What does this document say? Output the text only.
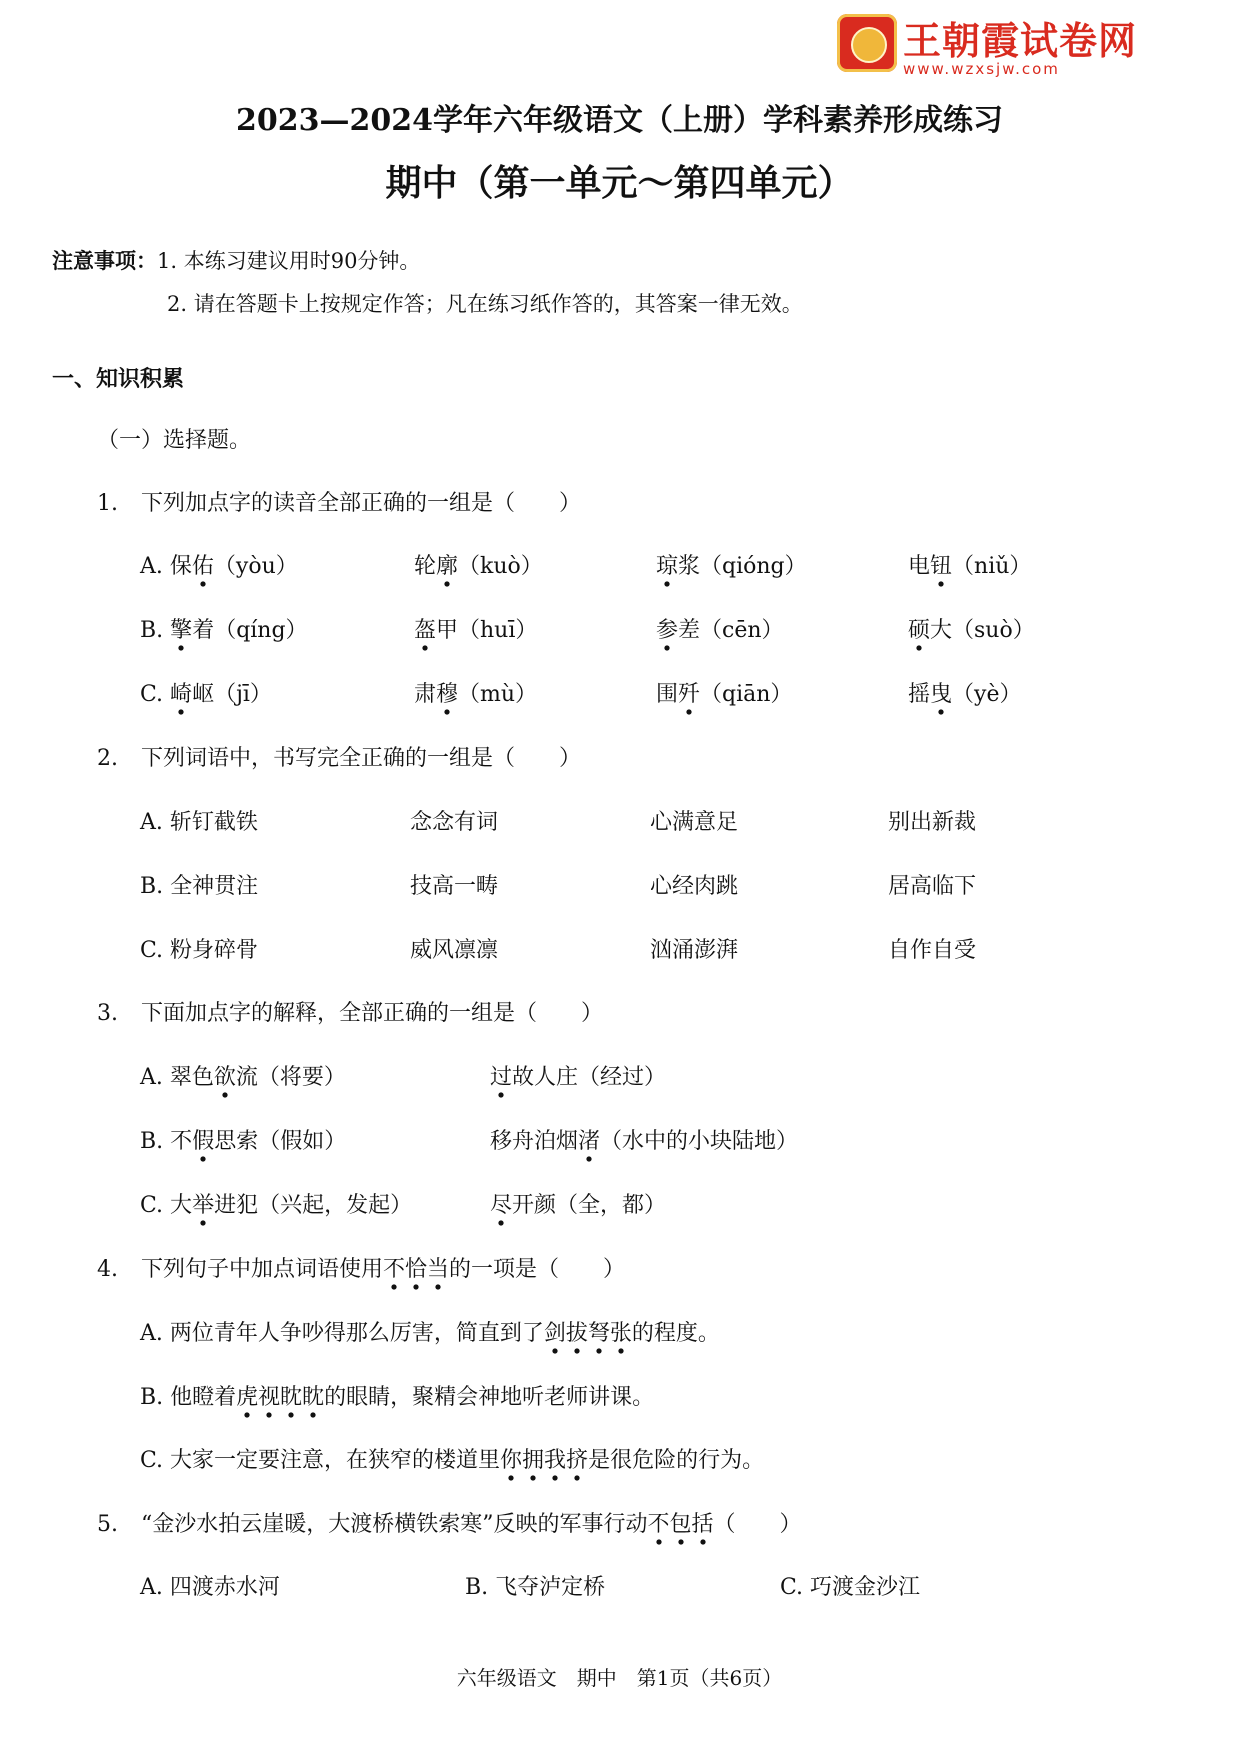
王朝霞试卷网
www.wzxsjw.com
2023—2024学年六年级语文（上册）学科素养形成练习
期中（第一单元～第四单元）
注意事项：1. 本练习建议用时90分钟。
2. 请在答题卡上按规定作答；凡在练习纸作答的，其答案一律无效。
一、知识积累
（一）选择题。
1. 下列加点字的读音全部正确的一组是（　　）
A. 保佑（yòu）	轮廓（kuò）	琼浆（qióng）	电钮（niǔ）
B. 擎着（qíng）	盔甲（huī）	参差（cēn）	硕大（suò）
C. 崎岖（jī）	肃穆（mù）	围歼（qiān）	摇曳（yè）
2. 下列词语中，书写完全正确的一组是（　　）
A. 斩钉截铁	念念有词	心满意足	别出新裁
B. 全神贯注	技高一畴	心经肉跳	居高临下
C. 粉身碎骨	威风凛凛	汹涌澎湃	自作自受
3. 下面加点字的解释，全部正确的一组是（　　）
A. 翠色欲流（将要）	过故人庄（经过）
B. 不假思索（假如）	移舟泊烟渚（水中的小块陆地）
C. 大举进犯（兴起，发起）	尽开颜（全，都）
4. 下列句子中加点词语使用不恰当的一项是（　　）
A. 两位青年人争吵得那么厉害，简直到了剑拔弩张的程度。
B. 他瞪着虎视眈眈的眼睛，聚精会神地听老师讲课。
C. 大家一定要注意，在狭窄的楼道里你拥我挤是很危险的行为。
5. “金沙水拍云崖暖，大渡桥横铁索寒”反映的军事行动不包括（　　）
A. 四渡赤水河	B. 飞夺泸定桥	C. 巧渡金沙江
六年级语文　期中　第1页（共6页）
